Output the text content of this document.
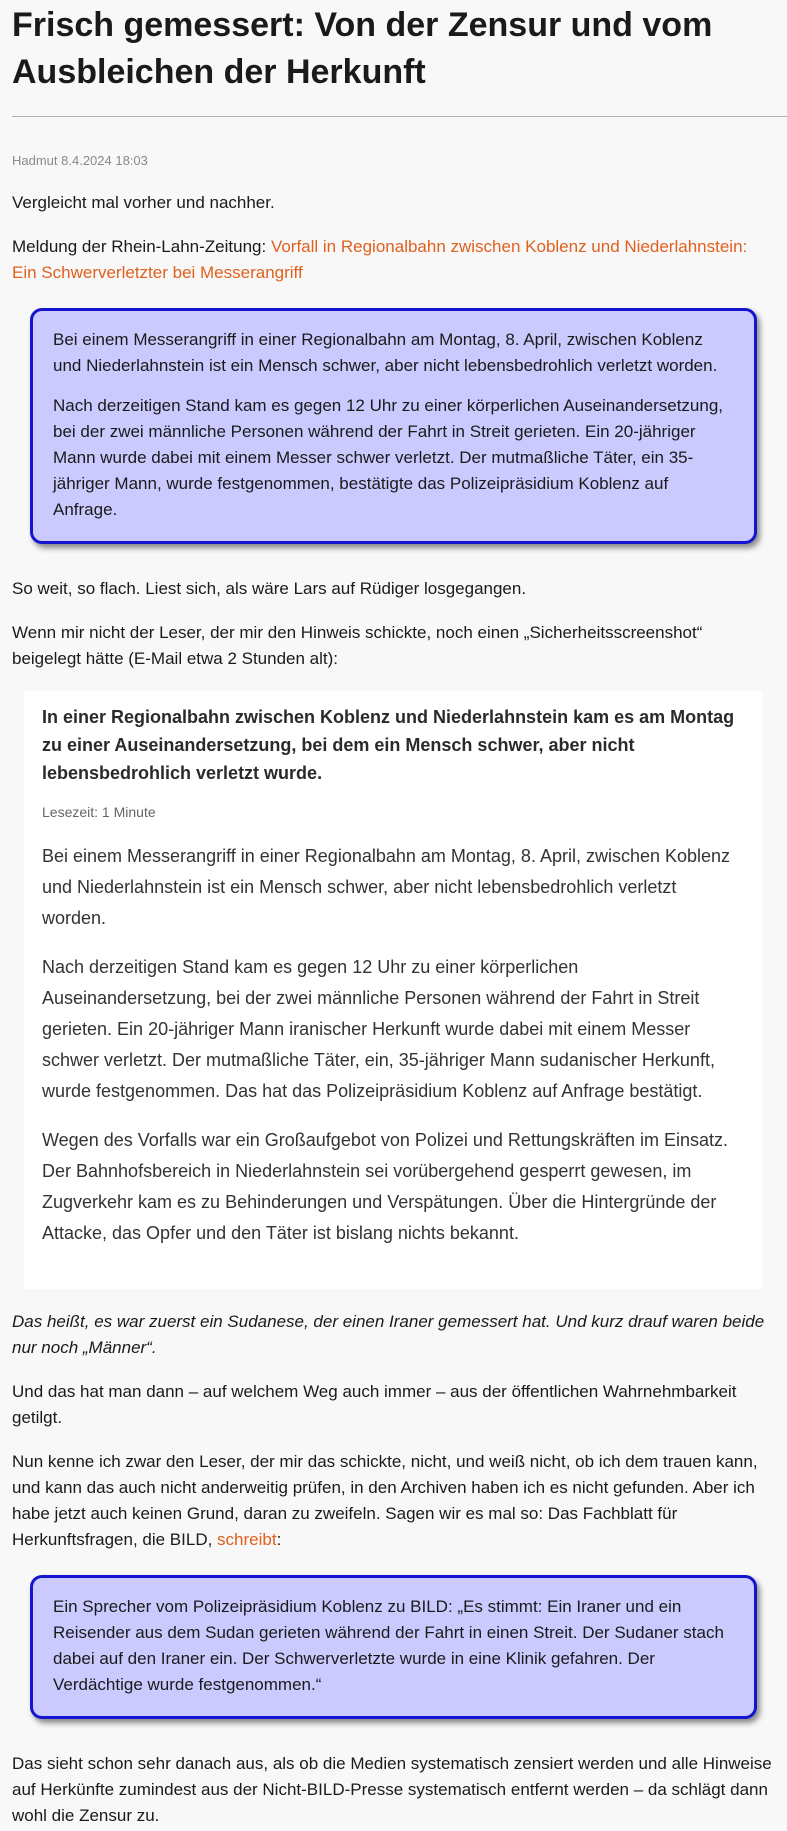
Frisch gemessert: Von der Zensur und vom Ausbleichen der Herkunft
Hadmut 8.4.2024 18:03

Vergleicht mal vorher und nachher.

Meldung der Rhein-Lahn-Zeitung: Vorfall in Regionalbahn zwischen Koblenz und Niederlahnstein: Ein Schwerverletzter bei Messerangriff

Bei einem Messerangriff in einer Regionalbahn am Montag, 8. April, zwischen Koblenz und Niederlahnstein ist ein Mensch schwer, aber nicht lebensbedrohlich verletzt worden.

Nach derzeitigen Stand kam es gegen 12 Uhr zu einer körperlichen Auseinandersetzung, bei der zwei männliche Personen während der Fahrt in Streit gerieten. Ein 20-jähriger Mann wurde dabei mit einem Messer schwer verletzt. Der mutmaßliche Täter, ein 35-jähriger Mann, wurde festgenommen, bestätigte das Polizeipräsidium Koblenz auf Anfrage.

So weit, so flach. Liest sich, als wäre Lars auf Rüdiger losgegangen.

Wenn mir nicht der Leser, der mir den Hinweis schickte, noch einen „Sicherheitsscreenshot“ beigelegt hätte (E-Mail etwa 2 Stunden alt):

In einer Regionalbahn zwischen Koblenz und Niederlahnstein kam es am Montag zu einer Auseinandersetzung, bei dem ein Mensch schwer, aber nicht lebensbedrohlich verletzt wurde.

Lesezeit: 1 Minute

Bei einem Messerangriff in einer Regionalbahn am Montag, 8. April, zwischen Koblenz und Niederlahnstein ist ein Mensch schwer, aber nicht lebensbedrohlich verletzt worden.

Nach derzeitigen Stand kam es gegen 12 Uhr zu einer körperlichen Auseinandersetzung, bei der zwei männliche Personen während der Fahrt in Streit gerieten. Ein 20-jähriger Mann iranischer Herkunft wurde dabei mit einem Messer schwer verletzt. Der mutmaßliche Täter, ein, 35-jähriger Mann sudanischer Herkunft, wurde festgenommen. Das hat das Polizeipräsidium Koblenz auf Anfrage bestätigt.

Wegen des Vorfalls war ein Großaufgebot von Polizei und Rettungskräften im Einsatz. Der Bahnhofsbereich in Niederlahnstein sei vorübergehend gesperrt gewesen, im Zugverkehr kam es zu Behinderungen und Verspätungen. Über die Hintergründe der Attacke, das Opfer und den Täter ist bislang nichts bekannt.

Das heißt, es war zuerst ein Sudanese, der einen Iraner gemessert hat. Und kurz drauf waren beide nur noch „Männer“.

Und das hat man dann – auf welchem Weg auch immer – aus der öffentlichen Wahrnehmbarkeit getilgt.

Nun kenne ich zwar den Leser, der mir das schickte, nicht, und weiß nicht, ob ich dem trauen kann, und kann das auch nicht anderweitig prüfen, in den Archiven haben ich es nicht gefunden. Aber ich habe jetzt auch keinen Grund, daran zu zweifeln. Sagen wir es mal so: Das Fachblatt für Herkunftsfragen, die BILD, schreibt:

Ein Sprecher vom Polizeipräsidium Koblenz zu BILD: „Es stimmt: Ein Iraner und ein Reisender aus dem Sudan gerieten während der Fahrt in einen Streit. Der Sudaner stach dabei auf den Iraner ein. Der Schwerverletzte wurde in eine Klinik gefahren. Der Verdächtige wurde festgenommen.“

Das sieht schon sehr danach aus, als ob die Medien systematisch zensiert werden und alle Hinweise auf Herkünfte zumindest aus der Nicht-BILD-Presse systematisch entfernt werden – da schlägt dann wohl die Zensur zu.
